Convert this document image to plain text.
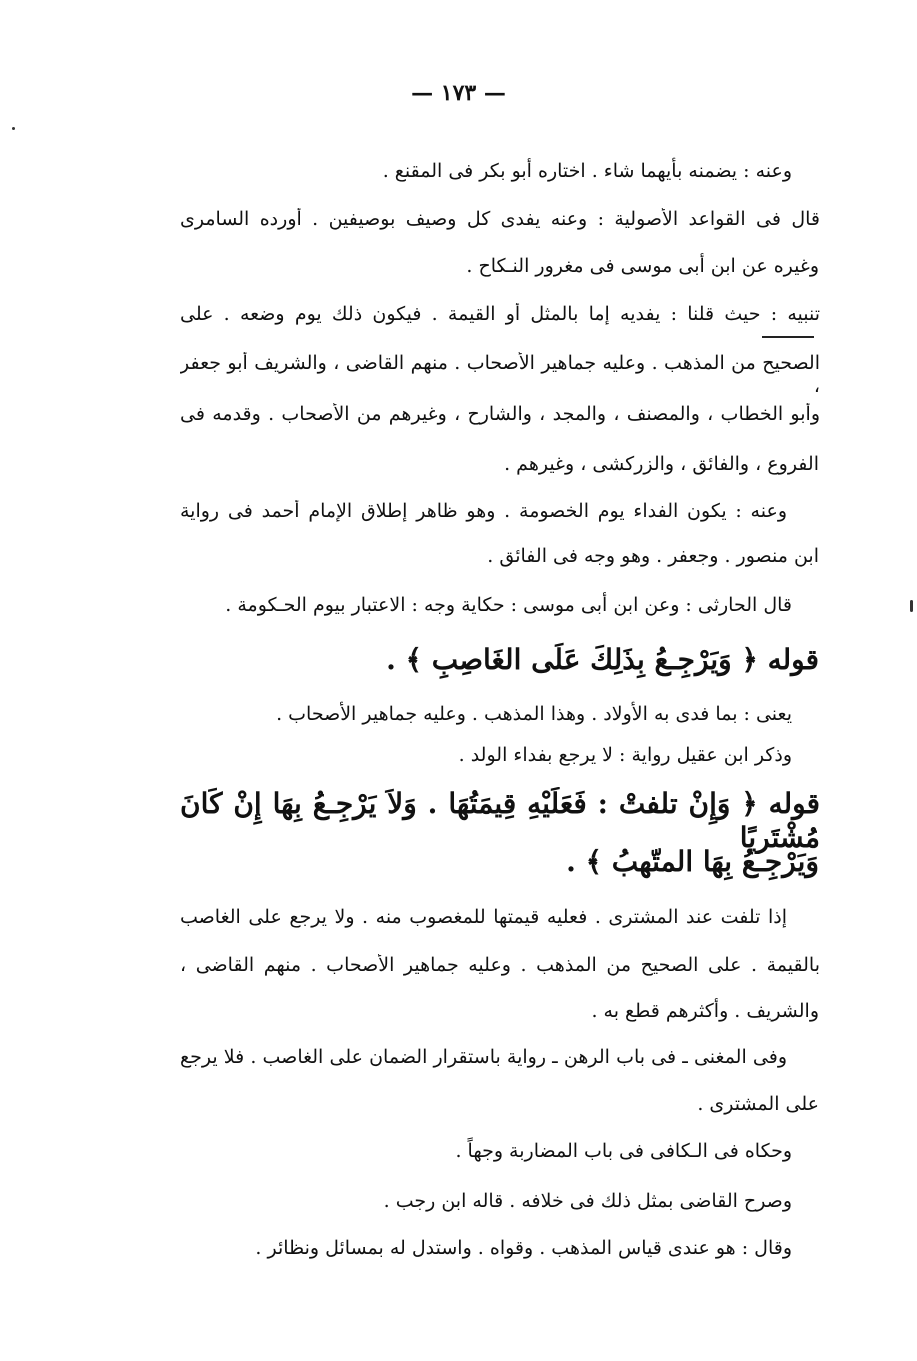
— ١٧٣ —
وعنه : يضمنه بأيهما شاء . اختاره أبو بكر فى المقنع .
قال فى القواعد الأصولية : وعنه يفدى كل وصيف بوصيفين . أورده السامرى
وغيره عن ابن أبى موسى فى مغرور النـكاح .
تنبيه : حيث قلنا : يفديه إما بالمثل أو القيمة . فيكون ذلك يوم وضعه . على
الصحيح من المذهب . وعليه جماهير الأصحاب . منهم القاضى ، والشريف أبو جعفر ،
وأبو الخطاب ، والمصنف ، والمجد ، والشارح ، وغيرهم من الأصحاب . وقدمه فى
الفروع ، والفائق ، والزركشى ، وغيرهم .
وعنه : يكون الفداء يوم الخصومة . وهو ظاهر إطلاق الإمام أحمد فى رواية
ابن منصور . وجعفر . وهو وجه فى الفائق .
قال الحارثى : وعن ابن أبى موسى : حكاية وجه : الاعتبار بيوم الحـكومة .
قوله ﴿ وَيَرْجِـعُ بِذَلِكَ عَلَى الغَاصِبِ ﴾ .
يعنى : بما فدى به الأولاد . وهذا المذهب . وعليه جماهير الأصحاب .
وذكر ابن عقيل رواية : لا يرجع بفداء الولد .
قوله ﴿ وَإِنْ تلفتْ : فَعَلَيْهِ قِيمَتُهَا . وَلاَ يَرْجِـعُ بِهَا إِنْ كَانَ مُشْتَرِيًا
وَيَرْجِـعُ بِهَا المتّهبُ ﴾ .
إذا تلفت عند المشترى . فعليه قيمتها للمغصوب منه . ولا يرجع على الغاصب
بالقيمة . على الصحيح من المذهب . وعليه جماهير الأصحاب . منهم القاضى ،
والشريف . وأكثرهم قطع به .
وفى المغنى ـ فى باب الرهن ـ رواية باستقرار الضمان على الغاصب . فلا يرجع
على المشترى .
وحكاه فى الـكافى فى باب المضاربة وجهاً .
وصرح القاضى بمثل ذلك فى خلافه . قاله ابن رجب .
وقال : هو عندى قياس المذهب . وقواه . واستدل له بمسائل ونظائر .
